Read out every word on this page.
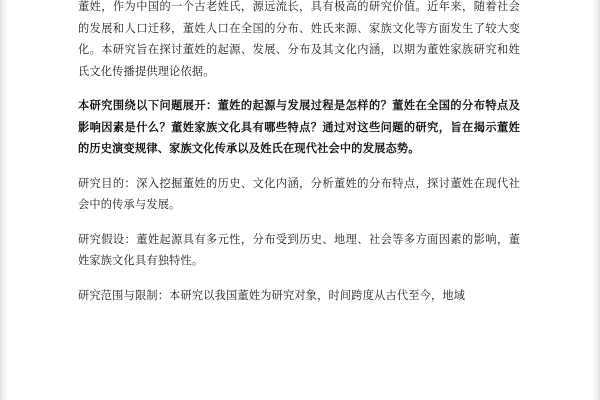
董姓，作为中国的一个古老姓氏，源远流长，具有极高的研究价值。近年来，随着社会的发展和人口迁移，董姓人口在全国的分布、姓氏来源、家族文化等方面发生了较大变化。本研究旨在探讨董姓的起源、发展、分布及其文化内涵，以期为董姓家族研究和姓氏文化传播提供理论依据。

本研究围绕以下问题展开：董姓的起源与发展过程是怎样的？董姓在全国的分布特点及影响因素是什么？董姓家族文化具有哪些特点？通过对这些问题的研究，旨在揭示董姓的历史演变规律、家族文化传承以及姓氏在现代社会中的发展态势。

研究目的：深入挖掘董姓的历史、文化内涵，分析董姓的分布特点，探讨董姓在现代社会中的传承与发展。

研究假设：董姓起源具有多元性，分布受到历史、地理、社会等多方面因素的影响，董姓家族文化具有独特性。

研究范围与限制：本研究以我国董姓为研究对象，时间跨度从古代至今，地域
